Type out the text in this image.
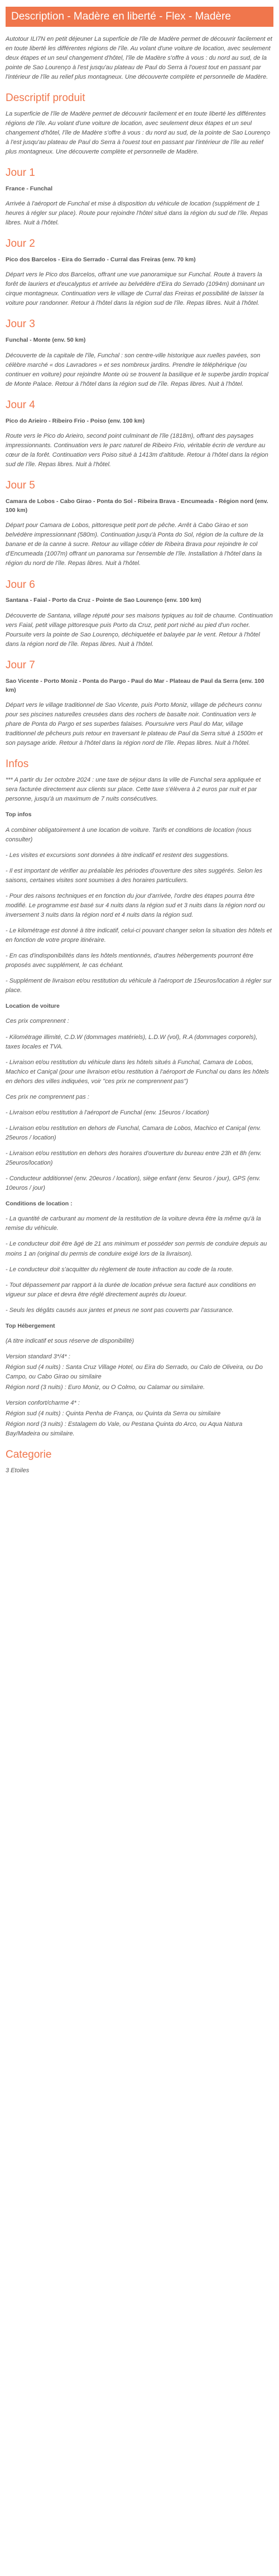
Description - Madère en liberté - Flex - Madère

Autotour ILI7N en petit déjeuner La superficie de l'île de Madère permet de découvrir facilement et en toute liberté les différentes régions de l'île. Au volant d'une voiture de location, avec seulement deux étapes et un seul changement d'hôtel, l'île de Madère s'offre à vous : du nord au sud, de la pointe de Sao Lourenço à l'est jusqu'au plateau de Paul do Serra à l'ouest tout en passant par l'intérieur de l'île au relief plus montagneux. Une découverte complète et personnelle de Madère.

Descriptif produit

La superficie de l'île de Madère permet de découvrir facilement et en toute liberté les différentes régions de l'île. Au volant d'une voiture de location, avec seulement deux étapes et un seul changement d'hôtel, l'île de Madère s'offre à vous : du nord au sud, de la pointe de Sao Lourenço à l'est jusqu'au plateau de Paul do Serra à l'ouest tout en passant par l'intérieur de l'île au relief plus montagneux. Une découverte complète et personnelle de Madère.

Jour 1
France - Funchal

Arrivée à l'aéroport de Funchal et mise à disposition du véhicule de location (supplément de 1 heures à régler sur place). Route pour rejoindre l'hôtel situé dans la région du sud de l'île. Repas libres. Nuit à l'hôtel.

Jour 2
Pico dos Barcelos - Eira do Serrado - Curral das Freiras (env. 70 km)

Départ vers le Pico dos Barcelos, offrant une vue panoramique sur Funchal. Route à travers la forêt de lauriers et d'eucalyptus et arrivée au belvédère d'Eira do Serrado (1094m) dominant un cirque montagneux. Continuation vers le village de Curral das Freiras et possibilité de laisser la voiture pour randonner. Retour à l'hôtel dans la région sud de l'île. Repas libres. Nuit à l'hôtel.

Jour 3
Funchal - Monte (env. 50 km)

Découverte de la capitale de l'île, Funchal : son centre-ville historique aux ruelles pavées, son célèbre marché « dos Lavradores » et ses nombreux jardins. Prendre le téléphérique (ou continuer en voiture) pour rejoindre Monte où se trouvent la basilique et le superbe jardin tropical de Monte Palace. Retour à l'hôtel dans la région sud de l'île. Repas libres. Nuit à l'hôtel.

Jour 4
Pico do Arieiro - Ribeiro Frio - Poiso (env. 100 km)

Route vers le Pico do Arieiro, second point culminant de l'île (1818m), offrant des paysages impressionnants. Continuation vers le parc naturel de Ribeiro Frio, véritable écrin de verdure au cœur de la forêt. Continuation vers Poiso situé à 1413m d'altitude. Retour à l'hôtel dans la région sud de l'île. Repas libres. Nuit à l'hôtel.

Jour 5
Camara de Lobos - Cabo Girao - Ponta do Sol - Ribeira Brava - Encumeada - Région nord (env. 100 km)

Départ pour Camara de Lobos, pittoresque petit port de pêche. Arrêt à Cabo Girao et son belvédère impressionnant (580m). Continuation jusqu'à Ponta do Sol, région de la culture de la banane et de la canne à sucre. Retour au village côtier de Ribeira Brava pour rejoindre le col d'Encumeada (1007m) offrant un panorama sur l'ensemble de l'île. Installation à l'hôtel dans la région du nord de l'île. Repas libres. Nuit à l'hôtel.

Jour 6
Santana - Faial - Porto da Cruz - Pointe de Sao Lourenço (env. 100 km)

Découverte de Santana, village réputé pour ses maisons typiques au toit de chaume. Continuation vers Faial, petit village pittoresque puis Porto da Cruz, petit port niché au pied d'un rocher. Poursuite vers la pointe de Sao Lourenço, déchiquetée et balayée par le vent. Retour à l'hôtel dans la région nord de l'île. Repas libres. Nuit à l'hôtel.

Jour 7
Sao Vicente - Porto Moniz - Ponta do Pargo - Paul do Mar - Plateau de Paul da Serra (env. 100 km)

Départ vers le village traditionnel de Sao Vicente, puis Porto Moniz, village de pêcheurs connu pour ses piscines naturelles creusées dans des rochers de basalte noir. Continuation vers le phare de Ponta do Pargo et ses superbes falaises. Poursuivre vers Paul do Mar, village traditionnel de pêcheurs puis retour en traversant le plateau de Paul da Serra situé à 1500m et son paysage aride. Retour à l'hôtel dans la région nord de l'île. Repas libres. Nuit à l'hôtel.

Infos

*** A partir du 1er octobre 2024 : une taxe de séjour dans la ville de Funchal sera appliquée et sera facturée directement aux clients sur place. Cette taxe s'élèvera à 2 euros par nuit et par personne, jusqu'à un maximum de 7 nuits consécutives.

Top infos

A combiner obligatoirement à une location de voiture. Tarifs et conditions de location (nous consulter)

- Les visites et excursions sont données à titre indicatif et restent des suggestions.

- Il est important de vérifier au préalable les périodes d'ouverture des sites suggérés. Selon les saisons, certaines visites sont soumises à des horaires particuliers.

- Pour des raisons techniques et en fonction du jour d'arrivée, l'ordre des étapes pourra être modifié. Le programme est basé sur 4 nuits dans la région sud et 3 nuits dans la région nord ou inversement 3 nuits dans la région nord et 4 nuits dans la région sud.

- Le kilométrage est donné à titre indicatif, celui-ci pouvant changer selon la situation des hôtels et en fonction de votre propre itinéraire.

- En cas d'indisponibilités dans les hôtels mentionnés, d'autres hébergements pourront être proposés avec supplément, le cas échéant.

- Supplément de livraison et/ou restitution du véhicule à l'aéroport de 15euros/location à régler sur place.

Location de voiture

Ces prix comprennent :

- Kilométrage illimité, C.D.W (dommages matériels), L.D.W (vol), R.A (dommages corporels), taxes locales et TVA.

- Livraison et/ou restitution du véhicule dans les hôtels situés à Funchal, Camara de Lobos, Machico et Caniçal (pour une livraison et/ou restitution à l'aéroport de Funchal ou dans les hôtels en dehors des villes indiquées, voir "ces prix ne comprennent pas")

Ces prix ne comprennent pas :

- Livraison et/ou restitution à l'aéroport de Funchal (env. 15euros / location)

- Livraison et/ou restitution en dehors de Funchal, Camara de Lobos, Machico et Caniçal (env. 25euros / location)

- Livraison et/ou restitution en dehors des horaires d'ouverture du bureau entre 23h et 8h (env. 25euros/location)

- Conducteur additionnel (env. 20euros / location), siège enfant (env. 5euros / jour), GPS (env. 10euros / jour)

Conditions de location :

- La quantité de carburant au moment de la restitution de la voiture devra être la même qu'à la remise du véhicule.

- Le conducteur doit être âgé de 21 ans minimum et posséder son permis de conduire depuis au moins 1 an (original du permis de conduire exigé lors de la livraison).

- Le conducteur doit s'acquitter du règlement de toute infraction au code de la route.

- Tout dépassement par rapport à la durée de location prévue sera facturé aux conditions en vigueur sur place et devra être réglé directement auprès du loueur.

- Seuls les dégâts causés aux jantes et pneus ne sont pas couverts par l'assurance.

Top Hébergement

(A titre indicatif et sous réserve de disponibilité)

Version standard 3*/4* :
Région sud (4 nuits) : Santa Cruz Village Hotel, ou Eira do Serrado, ou Calo de Oliveira, ou Do Campo, ou Cabo Girao ou similaire
Région nord (3 nuits) : Euro Moniz, ou O Colmo, ou Calamar ou similaire.
Version confort/charme 4* :
Région sud (4 nuits) : Quinta Penha de França, ou Quinta da Serra ou similaire
Région nord (3 nuits) : Estalagem do Vale, ou Pestana Quinta do Arco, ou Aqua Natura Bay/Madeira ou similaire.
Categorie

3 Etoiles
